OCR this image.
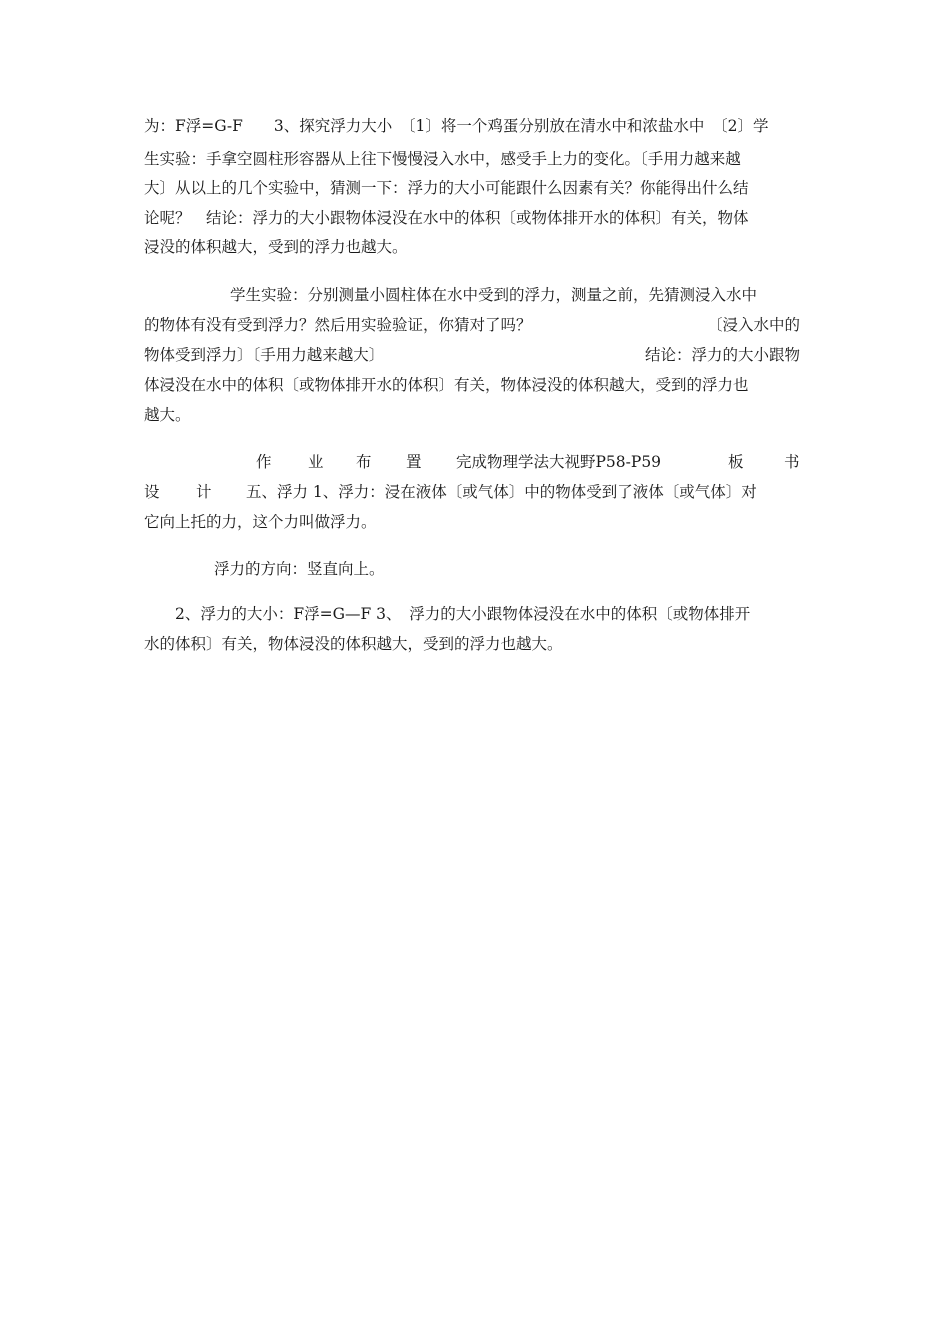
为：F浮=G-F　　3、探究浮力大小　〔1〕将一个鸡蛋分别放在清水中和浓盐水中　〔2〕学
生实验：手拿空圆柱形容器从上往下慢慢浸入水中，感受手上力的变化。〔手用力越来越
大〕从以上的几个实验中，猜测一下：浮力的大小可能跟什么因素有关？你能得出什么结
论呢？　结论：浮力的大小跟物体浸没在水中的体积〔或物体排开水的体积〕有关，物体
浸没的体积越大，受到的浮力也越大。
学生实验：分别测量小圆柱体在水中受到的浮力，测量之前，先猜测浸入水中
的物体有没有受到浮力？然后用实验验证，你猜对了吗？	〔浸入水中的
物体受到浮力〕〔手用力越来越大〕	结论：浮力的大小跟物
体浸没在水中的体积〔或物体排开水的体积〕有关，物体浸没的体积越大，受到的浮力也
越大。
作 业 布 置 完成物理学法大视野P58-P59	板	书
设 计 五、浮力 1、浮力：浸在液体〔或气体〕中的物体受到了液体〔或气体〕对
它向上托的力，这个力叫做浮力。
浮力的方向：竖直向上。
2、浮力的大小：F浮=G—F 3、　浮力的大小跟物体浸没在水中的体积〔或物体排开
水的体积〕有关，物体浸没的体积越大，受到的浮力也越大。
